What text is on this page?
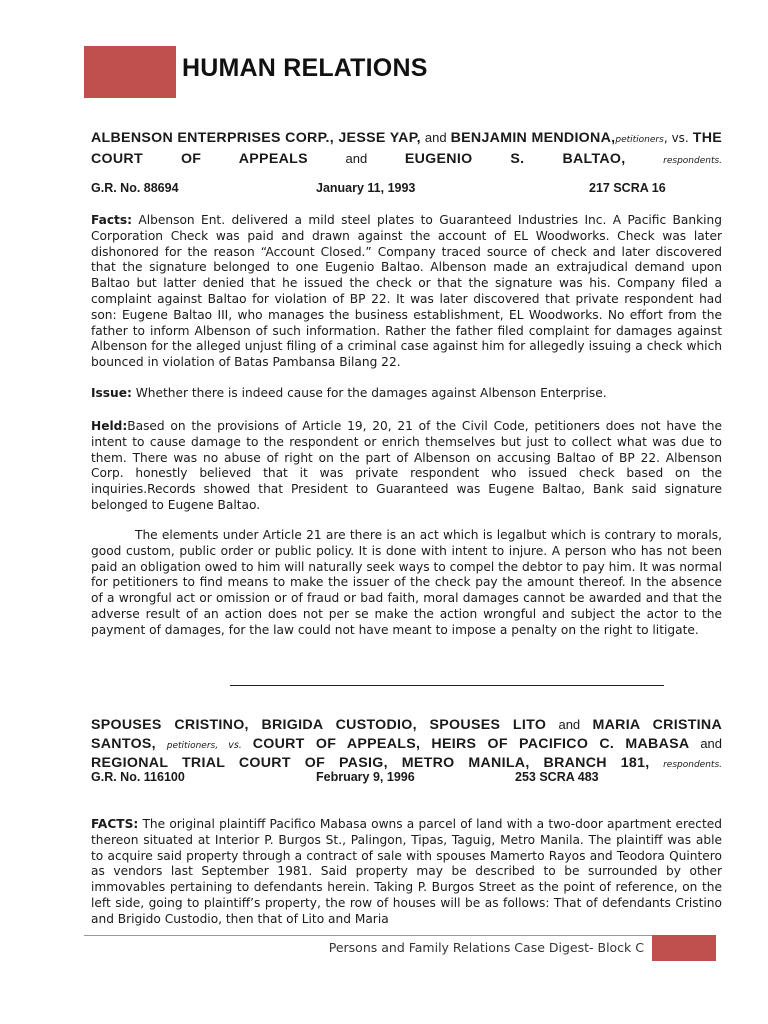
HUMAN RELATIONS
ALBENSON ENTERPRISES CORP., JESSE YAP, and BENJAMIN MENDIONA,petitioners, vs. THE COURT OF APPEALS	and	EUGENIO S. BALTAO,	respondents.
G.R. No. 88694	January 11, 1993	217 SCRA 16
Facts: Albenson Ent. delivered a mild steel plates to Guaranteed Industries Inc. A Pacific Banking Corporation Check was paid and drawn against the account of EL Woodworks. Check was later dishonored for the reason “Account Closed.” Company traced source of check and later discovered that the signature belonged to one Eugenio Baltao. Albenson made an extrajudical demand upon Baltao but latter denied that he issued the check or that the signature was his. Company filed a complaint against Baltao for violation of BP 22. It was later discovered that private respondent had son: Eugene Baltao III, who manages the business establishment, EL Woodworks. No effort from the father to inform Albenson of such information. Rather the father filed complaint for damages against Albenson for the alleged unjust filing of a criminal case against him for allegedly issuing a check which bounced in violation of Batas Pambansa Bilang 22.
Issue: Whether there is indeed cause for the damages against Albenson Enterprise.
Held:Based on the provisions of Article 19, 20, 21 of the Civil Code, petitioners does not have the intent to cause damage to the respondent or enrich themselves but just to collect what was due to them. There was no abuse of right on the part of Albenson on accusing Baltao of BP 22. Albenson Corp. honestly believed that it was private respondent who issued check based on the inquiries.Records showed that President to Guaranteed was Eugene Baltao, Bank said signature belonged to Eugene Baltao.
The elements under Article 21 are there is an act which is legalbut which is contrary to morals, good custom, public order or public policy. It is done with intent to injure. A person who has not been paid an obligation owed to him will naturally seek ways to compel the debtor to pay him. It was normal for petitioners to find means to make the issuer of the check pay the amount thereof. In the absence of a wrongful act or omission or of fraud or bad faith, moral damages cannot be awarded and that the adverse result of an action does not per se make the action wrongful and subject the actor to the payment of damages, for the law could not have meant to impose a penalty on the right to litigate.
SPOUSES CRISTINO, BRIGIDA CUSTODIO, SPOUSES LITO and MARIA CRISTINA SANTOS, petitioners, vs. COURT OF APPEALS, HEIRS OF PACIFICO C. MABASA and REGIONAL TRIAL COURT OF PASIG, METRO MANILA, BRANCH 181, respondents.
G.R. No. 116100	February 9, 1996	253 SCRA 483
FACTS: The original plaintiff Pacifico Mabasa owns a parcel of land with a two-door apartment erected thereon situated at Interior P. Burgos St., Palingon, Tipas, Taguig, Metro Manila. The plaintiff was able to acquire said property through a contract of sale with spouses Mamerto Rayos and Teodora Quintero as vendors last September 1981. Said property may be described to be surrounded by other immovables pertaining to defendants herein. Taking P. Burgos Street as the point of reference, on the left side, going to plaintiff’s property, the row of houses will be as follows: That of defendants Cristino and Brigido Custodio, then that of Lito and Maria
Persons and Family Relations Case Digest- Block C
